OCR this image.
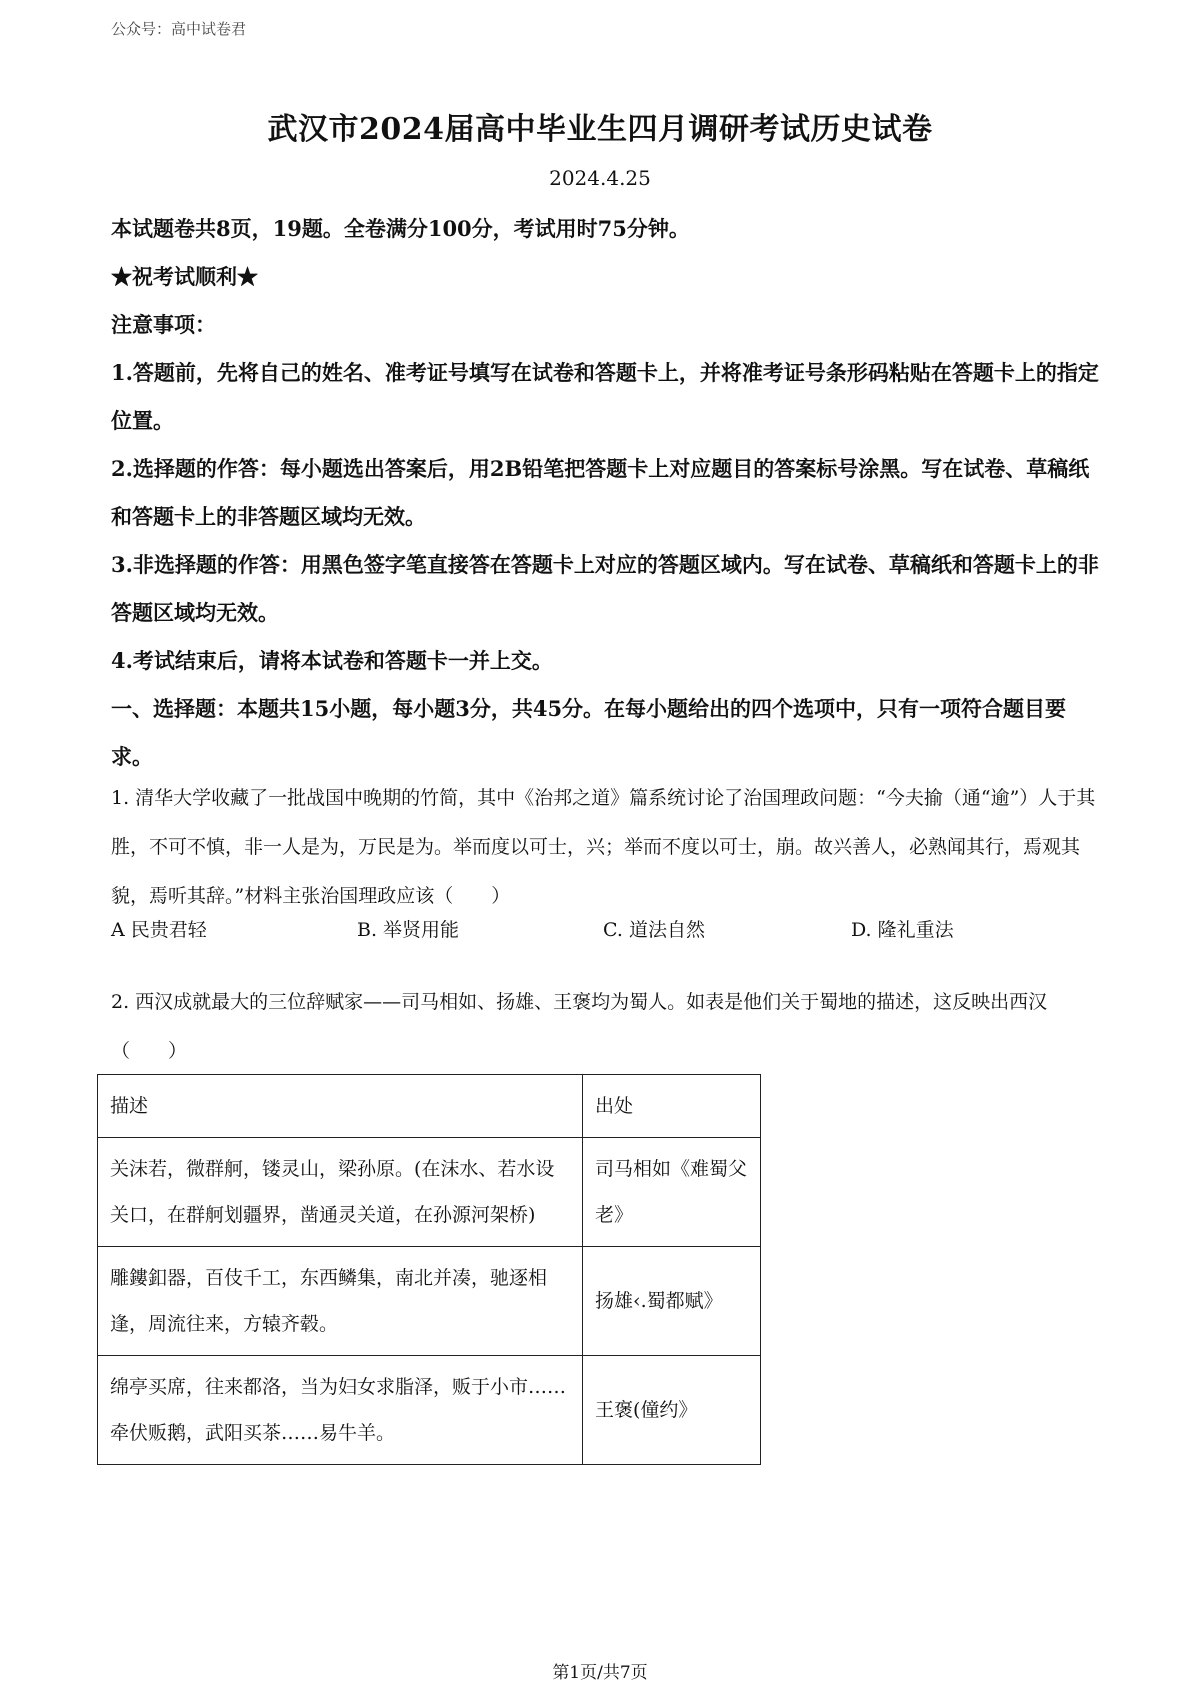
公众号：高中试卷君
武汉市2024届高中毕业生四月调研考试历史试卷
2024.4.25
本试题卷共8页，19题。全卷满分100分，考试用时75分钟。
★祝考试顺利★
注意事项：
1.答题前，先将自己的姓名、准考证号填写在试卷和答题卡上，并将准考证号条形码粘贴在答题卡上的指定位置。
2.选择题的作答：每小题选出答案后，用2B铅笔把答题卡上对应题目的答案标号涂黑。写在试卷、草稿纸和答题卡上的非答题区域均无效。
3.非选择题的作答：用黑色签字笔直接答在答题卡上对应的答题区域内。写在试卷、草稿纸和答题卡上的非答题区域均无效。
4.考试结束后，请将本试卷和答题卡一并上交。
一、选择题：本题共15小题，每小题3分，共45分。在每小题给出的四个选项中，只有一项符合题目要求。
1. 清华大学收藏了一批战国中晚期的竹简，其中《治邦之道》篇系统讨论了治国理政问题：“今夫揄（通“逾”）人于其胜，不可不慎，非一人是为，万民是为。举而度以可士，兴；举而不度以可士，崩。故兴善人，必熟闻其行，焉观其貌，焉听其辞。”材料主张治国理政应该（　　）
A 民贵君轻	B. 举贤用能	C. 道法自然	D. 隆礼重法
2. 西汉成就最大的三位辞赋家——司马相如、扬雄、王褒均为蜀人。如表是他们关于蜀地的描述，这反映出西汉（　　）
描述	出处
关沫若，微群舸，镂灵山，梁孙原。(在沫水、若水设关口，在群舸划疆界，凿通灵关道，在孙源河架桥)	司马相如《难蜀父老》
雕鏤釦器，百伎千工，东西鳞集，南北并凑，驰逐相逢，周流往来，方辕齐毂。	扬雄‹.蜀都赋》
绵亭买席，往来都洛，当为妇女求脂泽，贩于小市……牵伏贩鹅，武阳买茶……易牛羊。	王褒(僮约》
第1页/共7页
